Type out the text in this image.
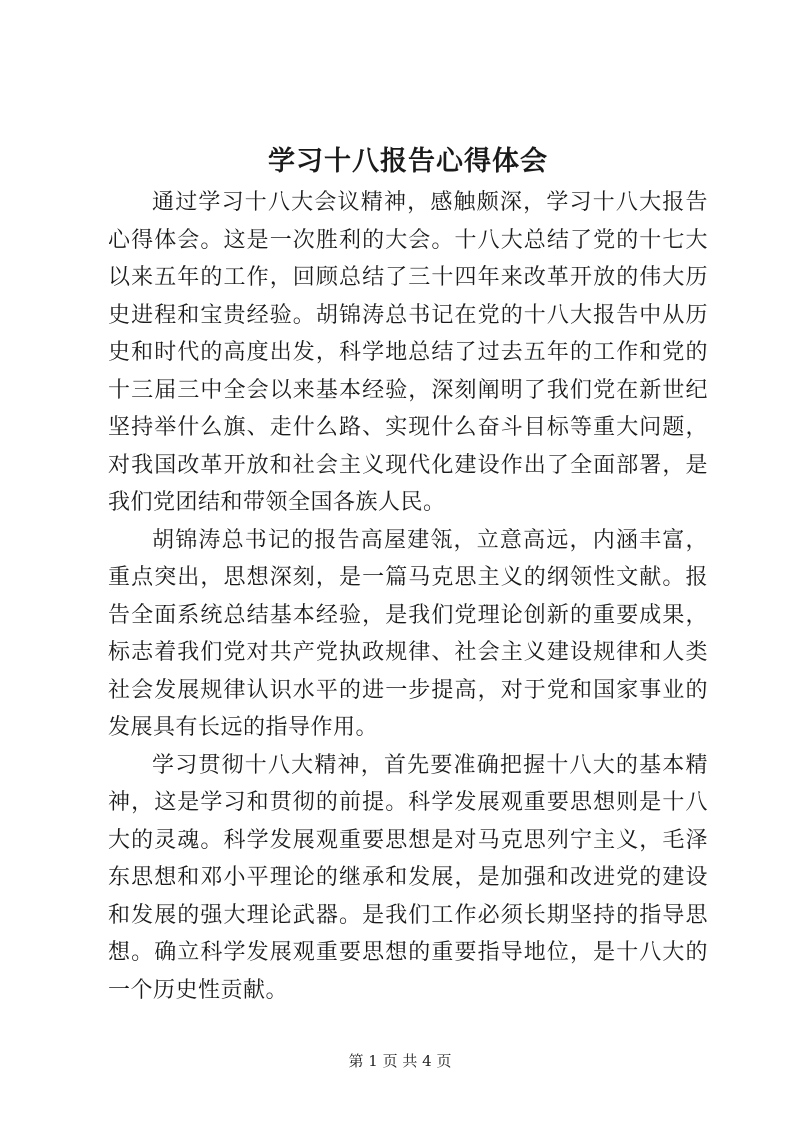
学习十八报告心得体会

通过学习十八大会议精神，感触颇深，学习十八大报告心得体会。这是一次胜利的大会。十八大总结了党的十七大以来五年的工作，回顾总结了三十四年来改革开放的伟大历史进程和宝贵经验。胡锦涛总书记在党的十八大报告中从历史和时代的高度出发，科学地总结了过去五年的工作和党的十三届三中全会以来基本经验，深刻阐明了我们党在新世纪坚持举什么旗、走什么路、实现什么奋斗目标等重大问题，对我国改革开放和社会主义现代化建设作出了全面部署，是我们党团结和带领全国各族人民。

胡锦涛总书记的报告高屋建瓴，立意高远，内涵丰富，重点突出，思想深刻，是一篇马克思主义的纲领性文献。报告全面系统总结基本经验，是我们党理论创新的重要成果，标志着我们党对共产党执政规律、社会主义建设规律和人类社会发展规律认识水平的进一步提高，对于党和国家事业的发展具有长远的指导作用。

学习贯彻十八大精神，首先要准确把握十八大的基本精神，这是学习和贯彻的前提。科学发展观重要思想则是十八大的灵魂。科学发展观重要思想是对马克思列宁主义，毛泽东思想和邓小平理论的继承和发展，是加强和改进党的建设和发展的强大理论武器。是我们工作必须长期坚持的指导思想。确立科学发展观重要思想的重要指导地位，是十八大的一个历史性贡献。

第 1 页 共 4 页
